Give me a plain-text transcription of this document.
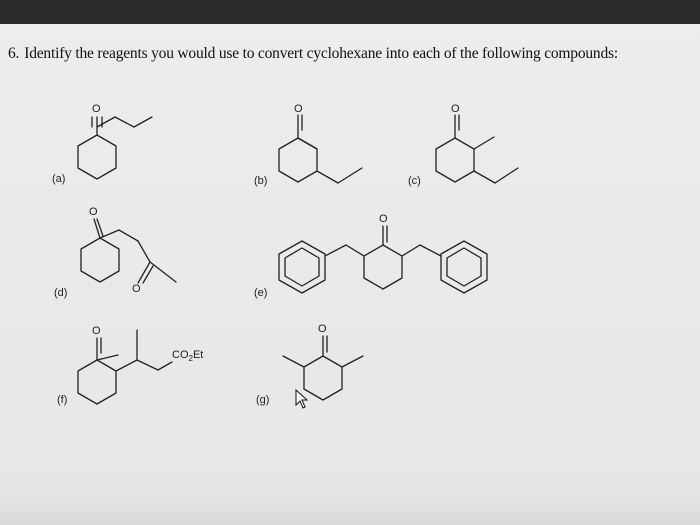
6. Identify the reagents you would use to convert cyclohexane into each of the following compounds:
O
(a)
O
(b)
O
(c)
O
O
(d)
O
(e)
O
$CO_2Et$
(f)
O
(g)
